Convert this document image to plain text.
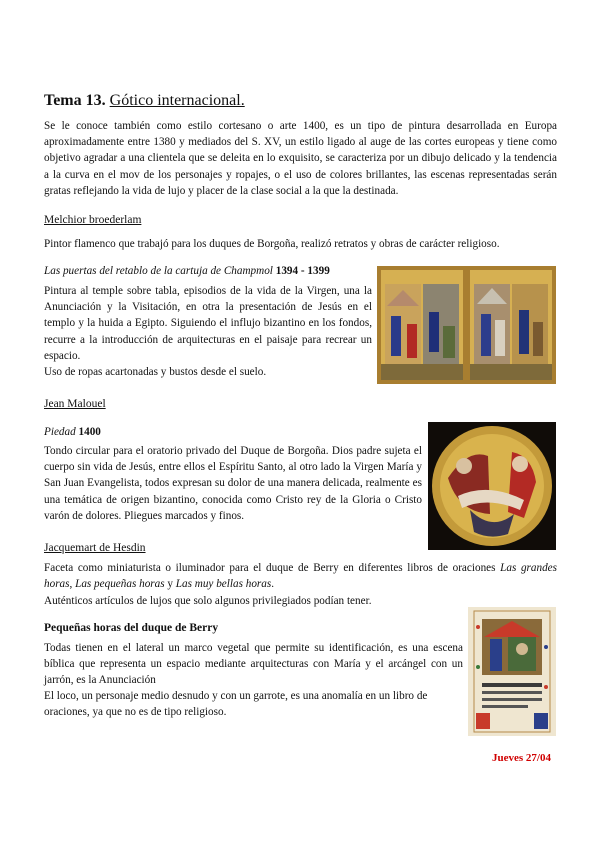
Tema 13. Gótico internacional.
Se le conoce también como estilo cortesano o arte 1400, es un tipo de pintura desarrollada en Europa aproximadamente entre 1380 y mediados del S. XV, un estilo ligado al auge de las cortes europeas y tiene como objetivo agradar a una clientela que se deleita en lo exquisito, se caracteriza por un dibujo delicado y la tendencia a la curva en el mov de los personajes y ropajes, o el uso de colores brillantes, las escenas representadas serán gratas reflejando la vida de lujo y placer de la clase social a la que la destinada.
Melchior broederlam
Pintor flamenco que trabajó para los duques de Borgoña, realizó retratos y obras de carácter religioso.
Las puertas del retablo de la cartuja de Champmol 1394 - 1399
Pintura al temple sobre tabla, episodios de la vida de la Virgen, una la Anunciación y la Visitación, en otra la presentación de Jesús en el templo y la huida a Egipto. Siguiendo el influjo bizantino en los fondos, recurre a la introducción de arquitecturas en el paisaje para recrear un espacio.
Uso de ropas acartonadas y bustos desde el suelo.
Jean Malouel
Piedad 1400
Tondo circular para el oratorio privado del Duque de Borgoña. Dios padre sujeta el cuerpo sin vida de Jesús, entre ellos el Espíritu Santo, al otro lado la Virgen María y San Juan Evangelista, todos expresan su dolor de una manera delicada, realmente es una temática de origen bizantino, conocida como Cristo rey de la Gloria o Cristo varón de dolores. Pliegues marcados y finos.
Jacquemart de Hesdin
Faceta como miniaturista o iluminador para el duque de Berry en diferentes libros de oraciones Las grandes horas, Las pequeñas horas y Las muy bellas horas.
Auténticos artículos de lujos que solo algunos privilegiados podían tener.
Pequeñas horas del duque de Berry
Todas tienen en el lateral un marco vegetal que permite su identificación, es una escena bíblica que representa un espacio mediante arquitecturas con María y el arcángel con un jarrón, es la Anunciación
El loco, un personaje medio desnudo y con un garrote, es una anomalía en un libro de oraciones, ya que no es de tipo religioso.
Jueves 27/04
